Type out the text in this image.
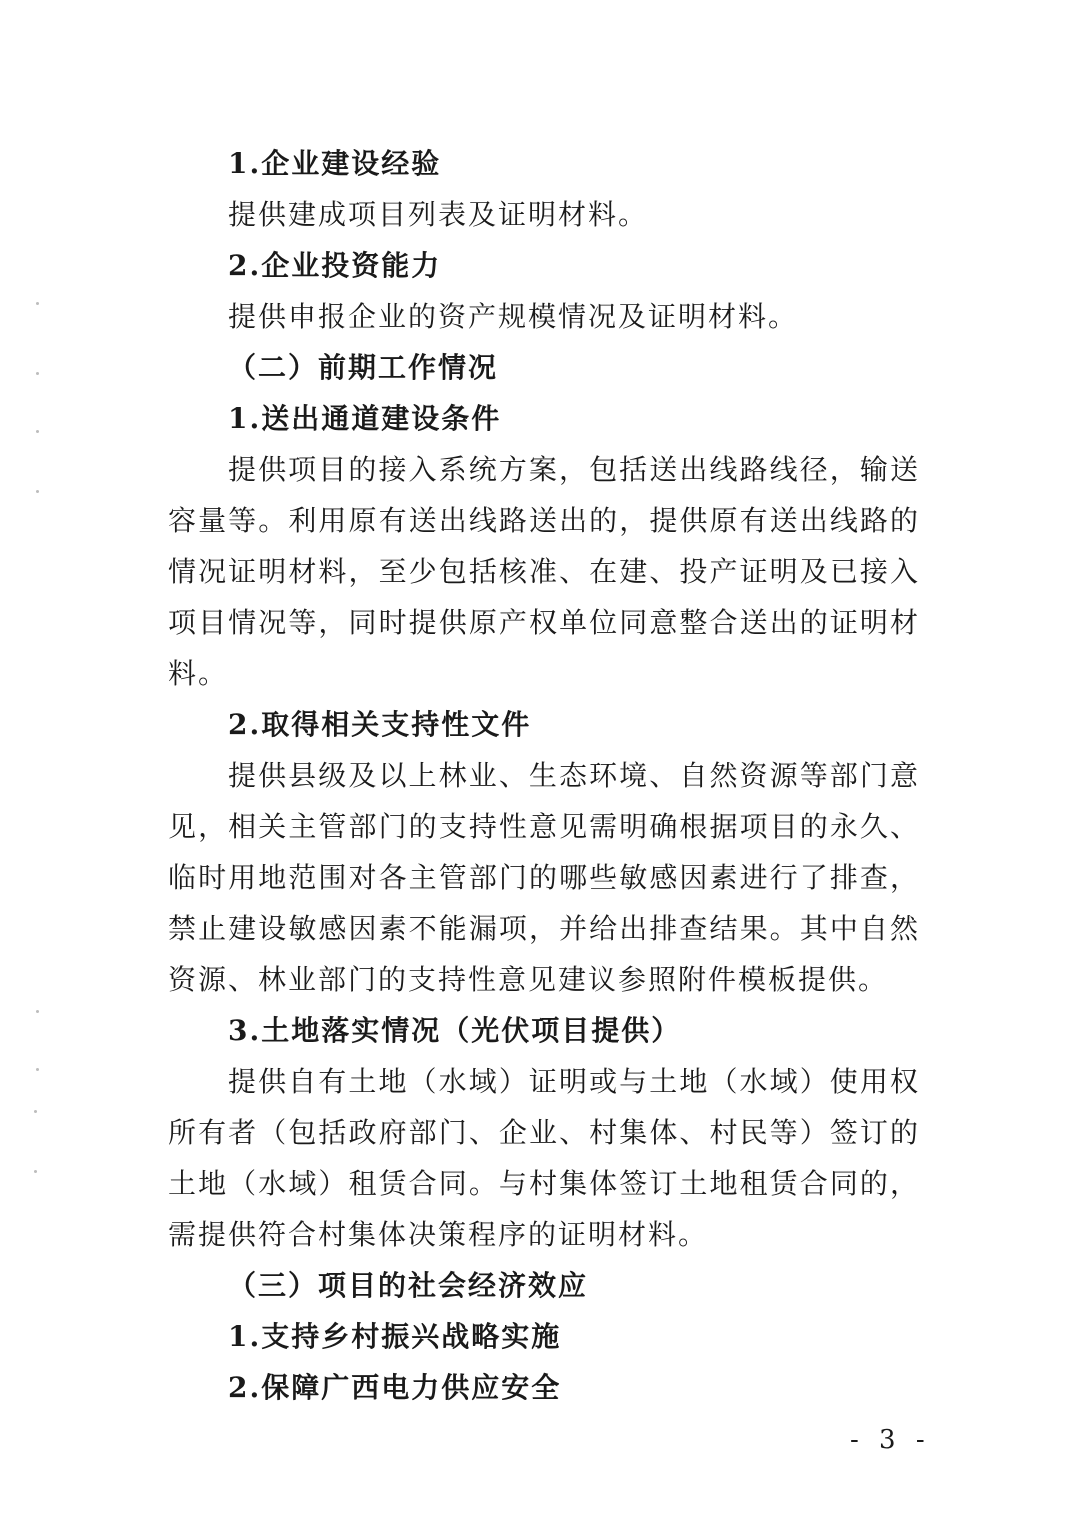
1.企业建设经验

提供建成项目列表及证明材料。

2.企业投资能力

提供申报企业的资产规模情况及证明材料。

（二）前期工作情况
1.送出通道建设条件

提供项目的接入系统方案，包括送出线路线径，输送容量等。利用原有送出线路送出的，提供原有送出线路的情况证明材料，至少包括核准、在建、投产证明及已接入项目情况等，同时提供原产权单位同意整合送出的证明材料。

2.取得相关支持性文件

提供县级及以上林业、生态环境、自然资源等部门意见，相关主管部门的支持性意见需明确根据项目的永久、临时用地范围对各主管部门的哪些敏感因素进行了排查，禁止建设敏感因素不能漏项，并给出排查结果。其中自然资源、林业部门的支持性意见建议参照附件模板提供。

3.土地落实情况（光伏项目提供）

提供自有土地（水域）证明或与土地（水域）使用权所有者（包括政府部门、企业、村集体、村民等）签订的土地（水域）租赁合同。与村集体签订土地租赁合同的，需提供符合村集体决策程序的证明材料。

（三）项目的社会经济效应
1.支持乡村振兴战略实施
2.保障广西电力供应安全
- 3 -
